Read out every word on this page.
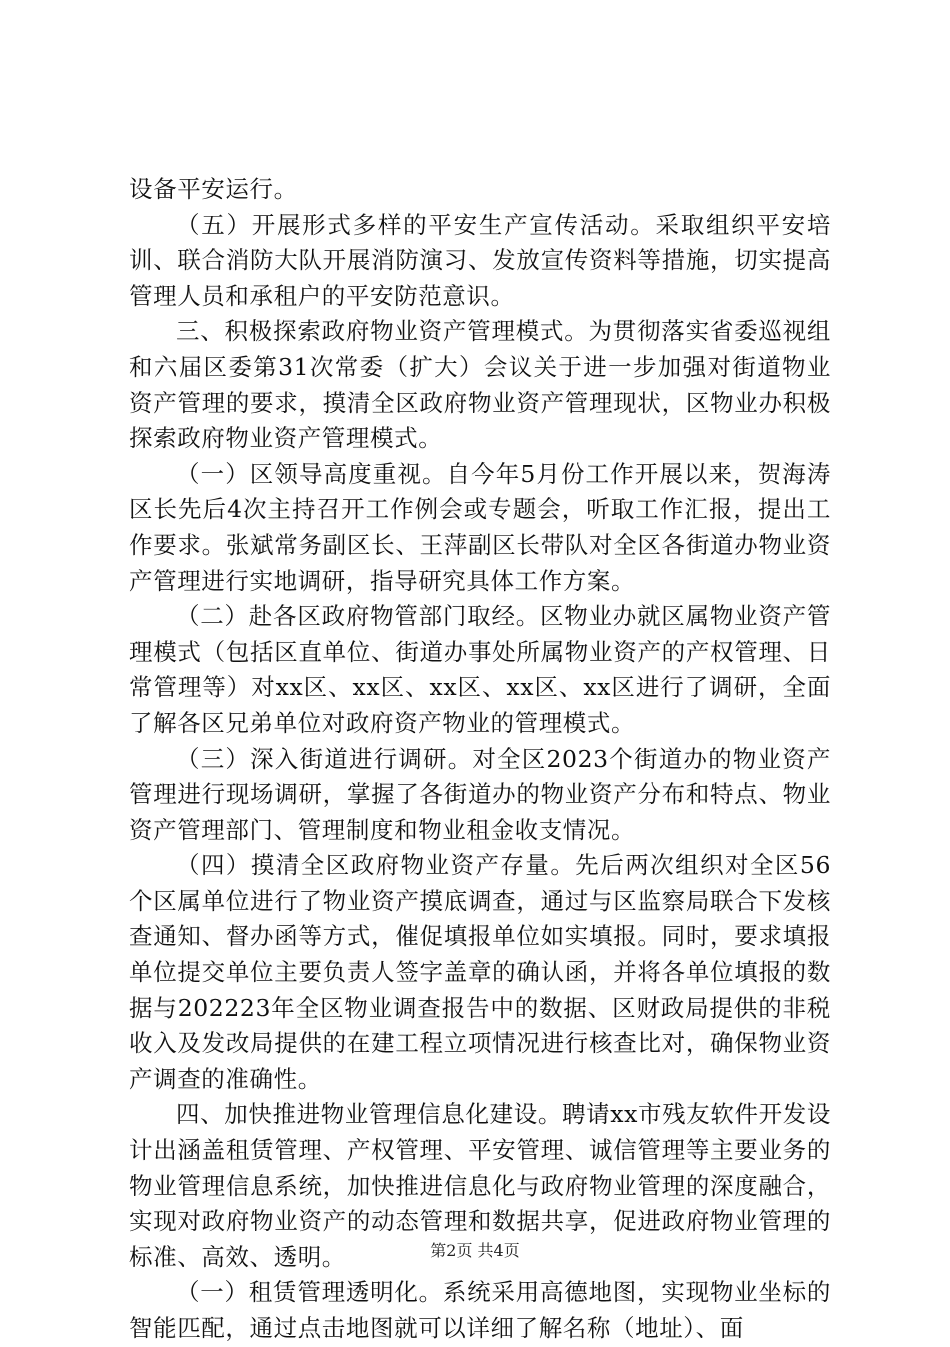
设备平安运行。

（五）开展形式多样的平安生产宣传活动。采取组织平安培训、联合消防大队开展消防演习、发放宣传资料等措施，切实提高管理人员和承租户的平安防范意识。

三、积极探索政府物业资产管理模式。为贯彻落实省委巡视组和六届区委第31次常委（扩大）会议关于进一步加强对街道物业资产管理的要求，摸清全区政府物业资产管理现状，区物业办积极探索政府物业资产管理模式。

（一）区领导高度重视。自今年5月份工作开展以来，贺海涛区长先后4次主持召开工作例会或专题会，听取工作汇报，提出工作要求。张斌常务副区长、王萍副区长带队对全区各街道办物业资产管理进行实地调研，指导研究具体工作方案。

（二）赴各区政府物管部门取经。区物业办就区属物业资产管理模式（包括区直单位、街道办事处所属物业资产的产权管理、日常管理等）对xx区、xx区、xx区、xx区、xx区进行了调研，全面了解各区兄弟单位对政府资产物业的管理模式。

（三）深入街道进行调研。对全区2023个街道办的物业资产管理进行现场调研，掌握了各街道办的物业资产分布和特点、物业资产管理部门、管理制度和物业租金收支情况。

（四）摸清全区政府物业资产存量。先后两次组织对全区56个区属单位进行了物业资产摸底调查，通过与区监察局联合下发核查通知、督办函等方式，催促填报单位如实填报。同时，要求填报单位提交单位主要负责人签字盖章的确认函，并将各单位填报的数据与202223年全区物业调查报告中的数据、区财政局提供的非税收入及发改局提供的在建工程立项情况进行核查比对，确保物业资产调查的准确性。

四、加快推进物业管理信息化建设。聘请xx市残友软件开发设计出涵盖租赁管理、产权管理、平安管理、诚信管理等主要业务的物业管理信息系统，加快推进信息化与政府物业管理的深度融合，实现对政府物业资产的动态管理和数据共享，促进政府物业管理的标准、高效、透明。

（一）租赁管理透明化。系统采用高德地图，实现物业坐标的智能匹配，通过点击地图就可以详细了解名称（地址）、面

第2页 共4页
